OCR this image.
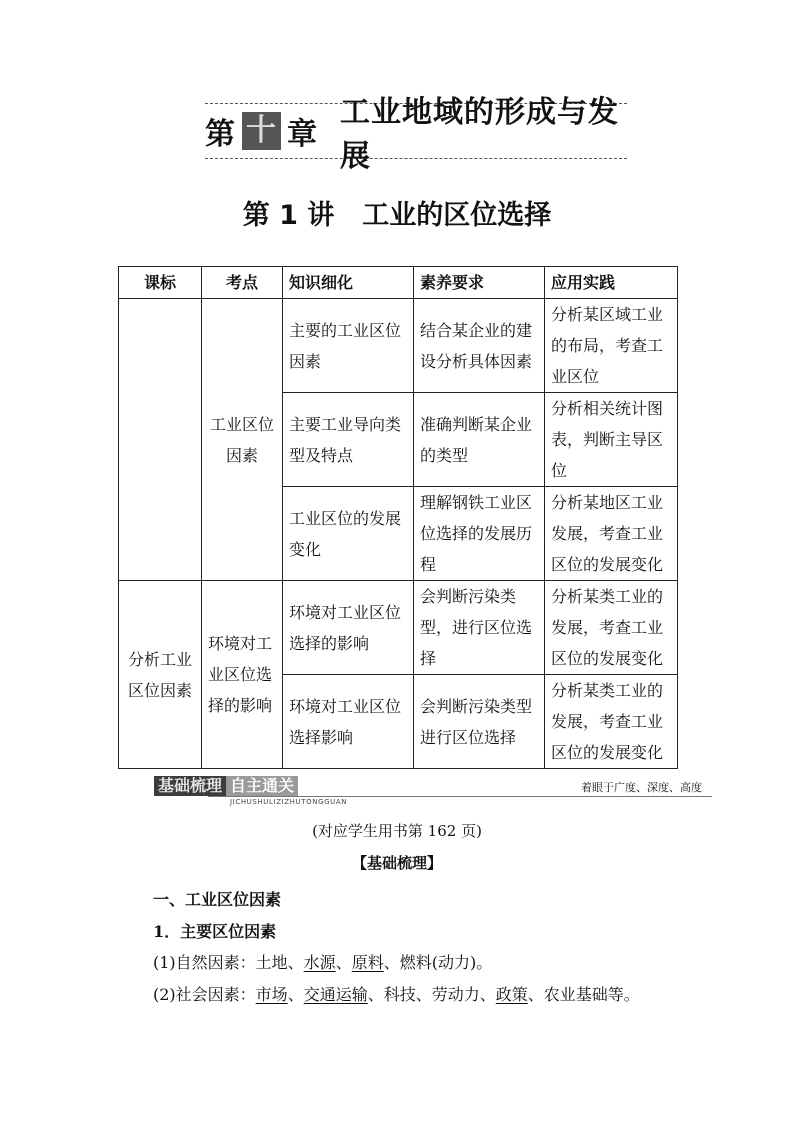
第 十 章
工业地域的形成与发展
第 1 讲 工业的区位选择
课标	考点	知识细化	素养要求	应用实践
	工业区位因素	主要的工业区位因素	结合某企业的建设分析具体因素	分析某区域工业的布局，考查工业区位
		主要工业导向类型及特点	准确判断某企业的类型	分析相关统计图表，判断主导区位
		工业区位的发展变化	理解钢铁工业区位选择的发展历程	分析某地区工业发展，考查工业区位的发展变化
分析工业区位因素	环境对工业区位选择的影响	环境对工业区位选择的影响	会判断污染类型，进行区位选择	分析某类工业的发展，考查工业区位的发展变化
		环境对工业区位选择影响	会判断污染类型进行区位选择	分析某类工业的发展，考查工业区位的发展变化
基础梳理 自主通关
JICHUSHULIZIZHUTONGGUAN
着眼于广度、深度、高度
(对应学生用书第 162 页)
【基础梳理】
一、工业区位因素
1．主要区位因素
(1)自然因素：土地、水源、原料、燃料(动力)。
(2)社会因素：市场、交通运输、科技、劳动力、政策、农业基础等。
